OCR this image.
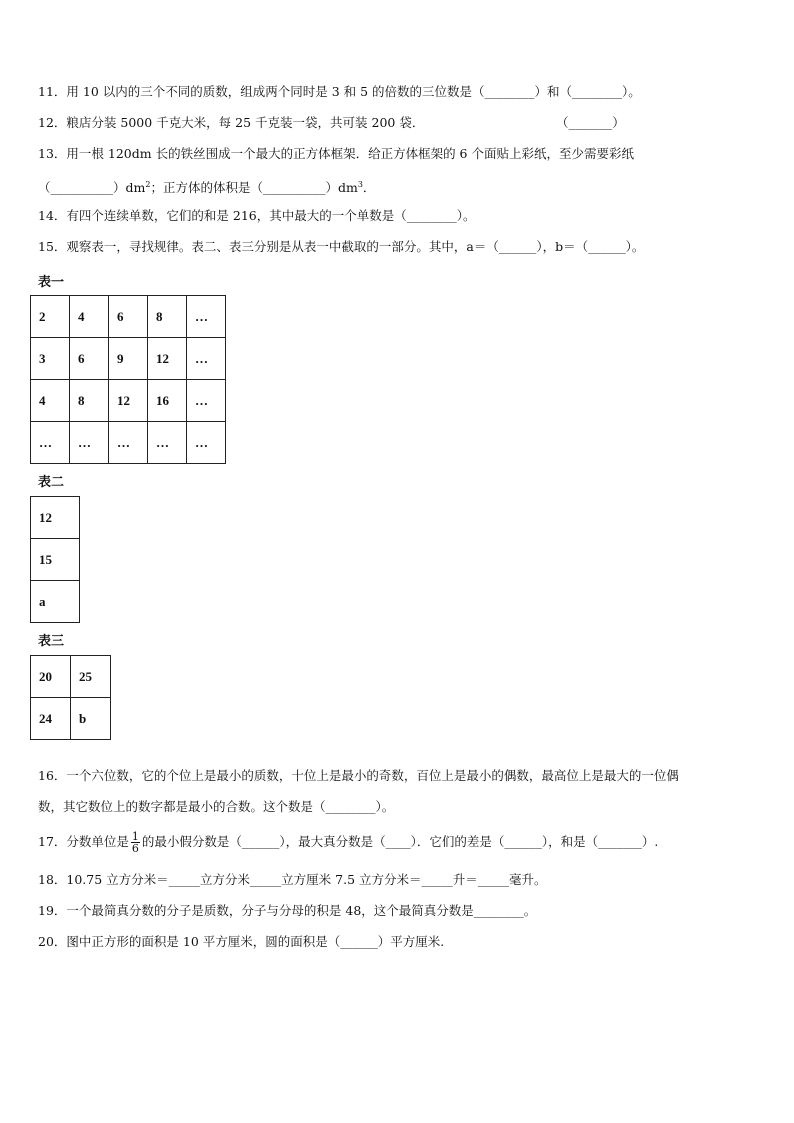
11．用 10 以内的三个不同的质数，组成两个同时是 3 和 5 的倍数的三位数是（________）和（________）。
12．粮店分装 5000 千克大米，每 25 千克装一袋，共可装 200 袋．	（_______）
13．用一根 120dm 长的铁丝围成一个最大的正方体框架．给正方体框架的 6 个面贴上彩纸，至少需要彩纸
$(\_\_\_\_\_\_\_\_\_\_)dm^2$；正方体的体积是$(\_\_\_\_\_\_\_\_\_\_)dm^3$．
14．有四个连续单数，它们的和是 216，其中最大的一个单数是（________）。
15．观察表一，寻找规律。表二、表三分别是从表一中截取的一部分。其中，a＝（______），b＝（______）。
表一
2	4	6	8	…
3	6	9	12	…
4	8	12	16	…
…	…	…	…	…
表二
12
15
a
表三
20	25
24	b
16．一个六位数，它的个位上是最小的质数，十位上是最小的奇数，百位上是最小的偶数，最高位上是最大的一位偶
数，其它数位上的数字都是最小的合数。这个数是（________）。
17．分数单位是 $\frac{1}{6}$ 的最小假分数是（______），最大真分数是（____）．它们的差是（______），和是（_______）.
18．10.75 立方分米＝_____立方分米_____立方厘米 7.5 立方分米＝_____升＝_____毫升。
19．一个最简真分数的分子是质数，分子与分母的积是 48，这个最简真分数是________。
20．图中正方形的面积是 10 平方厘米，圆的面积是（______）平方厘米.
